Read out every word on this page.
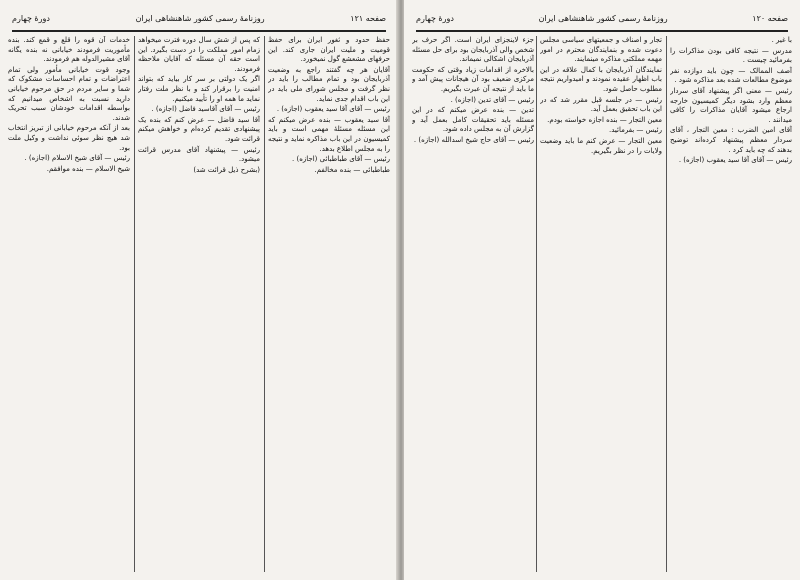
صفحه ۱۲۱
روزنامهٔ رسمی کشور شاهنشاهی ایران
دورهٔ چهارم

حفظ حدود و ثغور ایران برای حفظ قومیت و ملیت ایران جاری کند. این حرفهای مشعشع گول نمیخورد.

آقایان هر چه گفتند راجع به وضعیت آذربایجان بود و تمام مطالب را باید در نظر گرفت و مجلس شورای ملی باید در این باب اقدام جدی نماید.

رئیس — آقای آقا سید یعقوب (اجازه) .

آقا سید یعقوب — بنده عرض میکنم که این مسئله مسئلهٔ مهمی است و باید کمیسیون در این باب مذاکره نماید و نتیجه را به مجلس اطلاع بدهد.

رئیس — آقای طباطبائی (اجازه) .

طباطبائی — بنده مخالفم.

که پس از شش سال دوره فترت میخواهد زمام امور مملکت را در دست بگیرد. این است حقه آن مسئله که آقایان ملاحظه فرمودند.

اگر یک دولتی بر سر کار بیاید که بتواند امنیت را برقرار کند و با نظر ملت رفتار نماید ما همه او را تأیید میکنیم.

رئیس — آقای آقاسید فاضل (اجازه) .

آقا سید فاضل — عرض کنم که بنده یک پیشنهادی تقدیم کرده‌ام و خواهش میکنم قرائت شود.

رئیس — پیشنهاد آقای مدرس قرائت میشود.

(بشرح ذیل قرائت شد)

خدمات آن قوه را قلع و قمع کند. بنده مأموریت فرمودند خیابانی نه بنده یگانه آقای مشیرالدوله هم فرمودند.

وجود قوت خیابانی مأمور ولی تمام اعتراضات و تمام احساسات مشکوک که شما و سایر مردم در حق مرحوم خیابانی دارید نسبت به اشخاص میدانیم که بواسطه اقدامات خودشان سبب تحریک شدند.

بعد از آنکه مرحوم خیابانی از تبریز انتخاب شد هیچ نظر سوئی نداشت و وکیل ملت بود.

رئیس — آقای شیخ الاسلام (اجازه) .

شیخ الاسلام — بنده موافقم.

صفحه ۱۲۰
روزنامهٔ رسمی کشور شاهنشاهی ایران
دورهٔ چهارم

با غیر .

مدرس — نتیجه کافی بودن مذاکرات را بفرمائید چیست .

آصف الممالک — چون باید دوازده نفر موضوع مطالعات شده بعد مذاکره شود .

رئیس — معنی اگر پیشنهاد آقای سردار معظم وارد بشود دیگر کمیسیون خارجه ارجاع میشود آقایان مذاکرات را کافی میدانند .

آقای امین الضرب : معین التجار ، آقای سردار معظم پیشنهاد کرده‌اند توضیح بدهند که چه باید کرد .

رئیس — آقای آقا سید یعقوب (اجازه) .

تجار و اصناف و جمعیتهای سیاسی مجلس دعوت شده و بنمایندگان محترم در امور مهمه مملکتی مذاکره مینمایند.

نمایندگان آذربایجان با کمال علاقه در این باب اظهار عقیده نمودند و امیدواریم نتیجه مطلوب حاصل شود.

رئیس — در جلسه قبل مقرر شد که در این باب تحقیق بعمل آید.

معین التجار — بنده اجازه خواسته بودم.

رئیس — بفرمائید.

معین التجار — عرض کنم ما باید وضعیت ولایات را در نظر بگیریم.

جزء لاینجزای ایران است. اگر حرف بر شخص والی آذربایجان بود برای حل مسئله آذربایجان اشکالی نمیماند.

بالاخره از اقدامات زیاد وقتی که حکومت مرکزی ضعیف بود آن هیجانات پیش آمد و ما باید از نتیجه آن عبرت بگیریم.

رئیس — آقای تدین (اجازه) .

تدین — بنده عرض میکنم که در این مسئله باید تحقیقات کامل بعمل آید و گزارش آن به مجلس داده شود.

رئیس — آقای حاج شیخ اسدالله (اجازه) .
